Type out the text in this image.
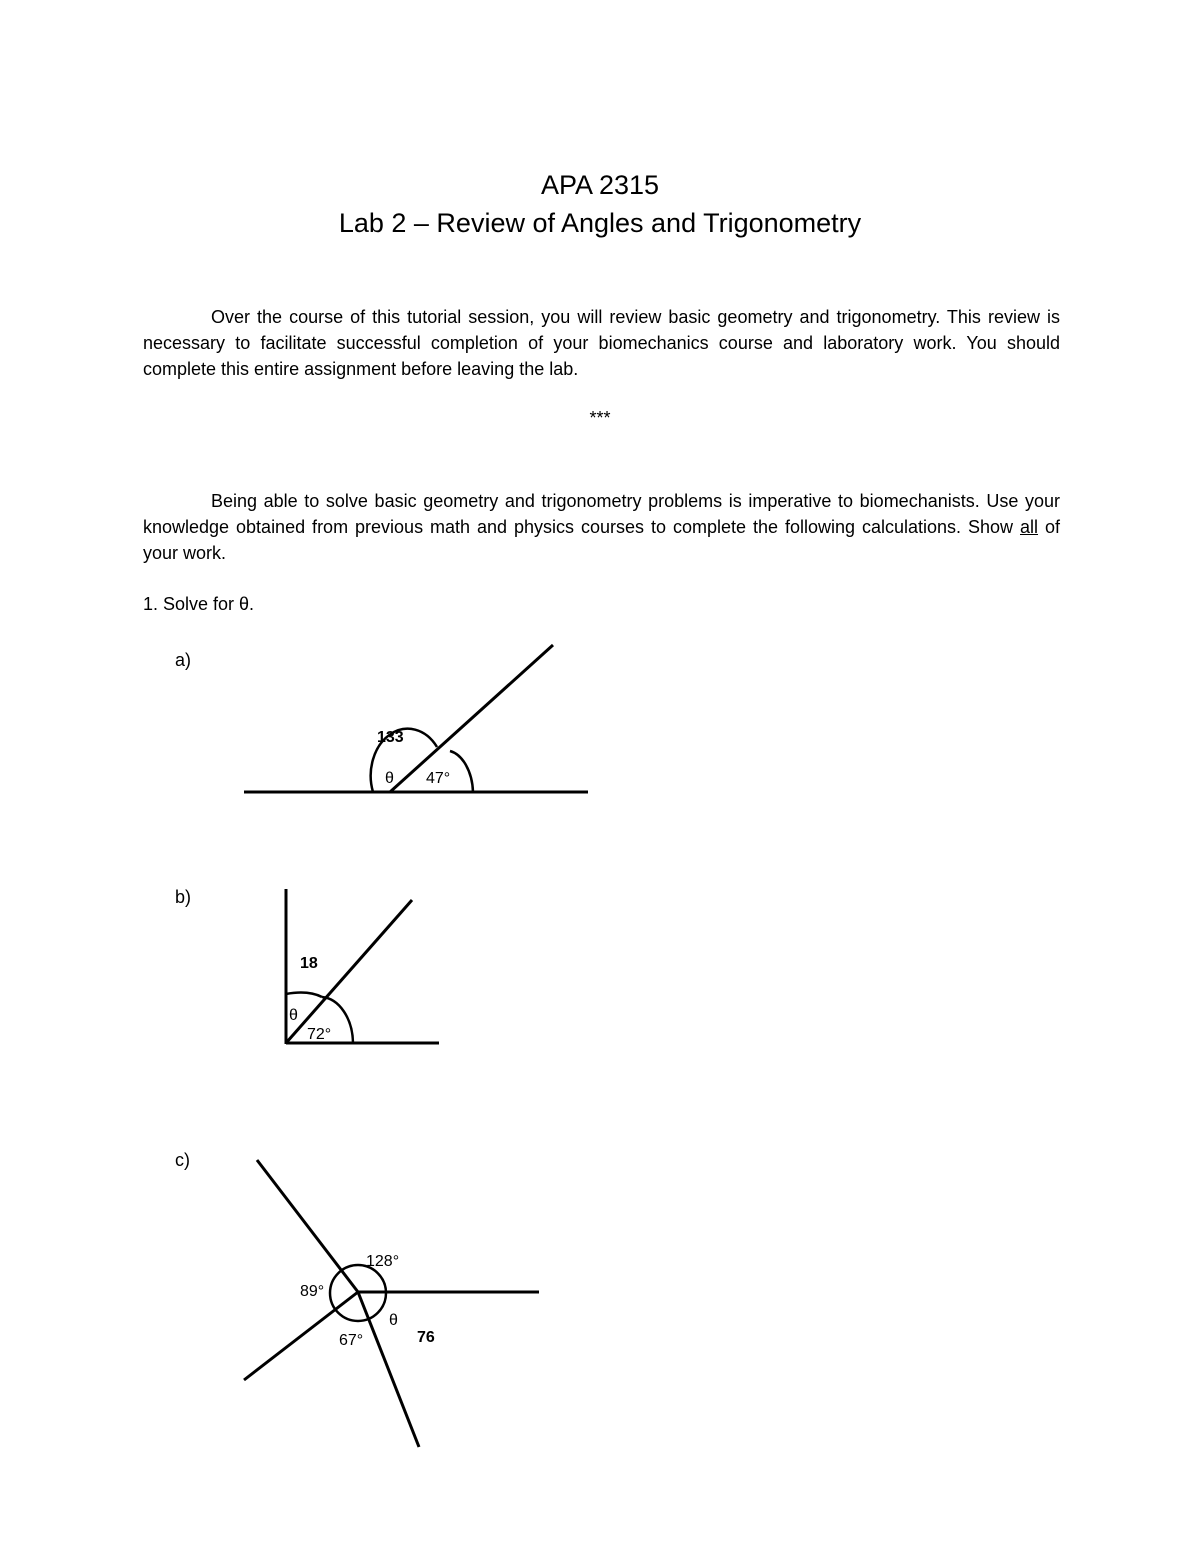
APA 2315
Lab 2 – Review of Angles and Trigonometry

Over the course of this tutorial session, you will review basic geometry and trigonometry. This review is necessary to facilitate successful completion of your biomechanics course and laboratory work. You should complete this entire assignment before leaving the lab.

***

Being able to solve basic geometry and trigonometry problems is imperative to biomechanists. Use your knowledge obtained from previous math and physics courses to complete the following calculations. Show all of your work.

1. Solve for θ.
a)
b)
c)
133
θ 47°
18
θ
72°
128°
89°
θ
67°	76
